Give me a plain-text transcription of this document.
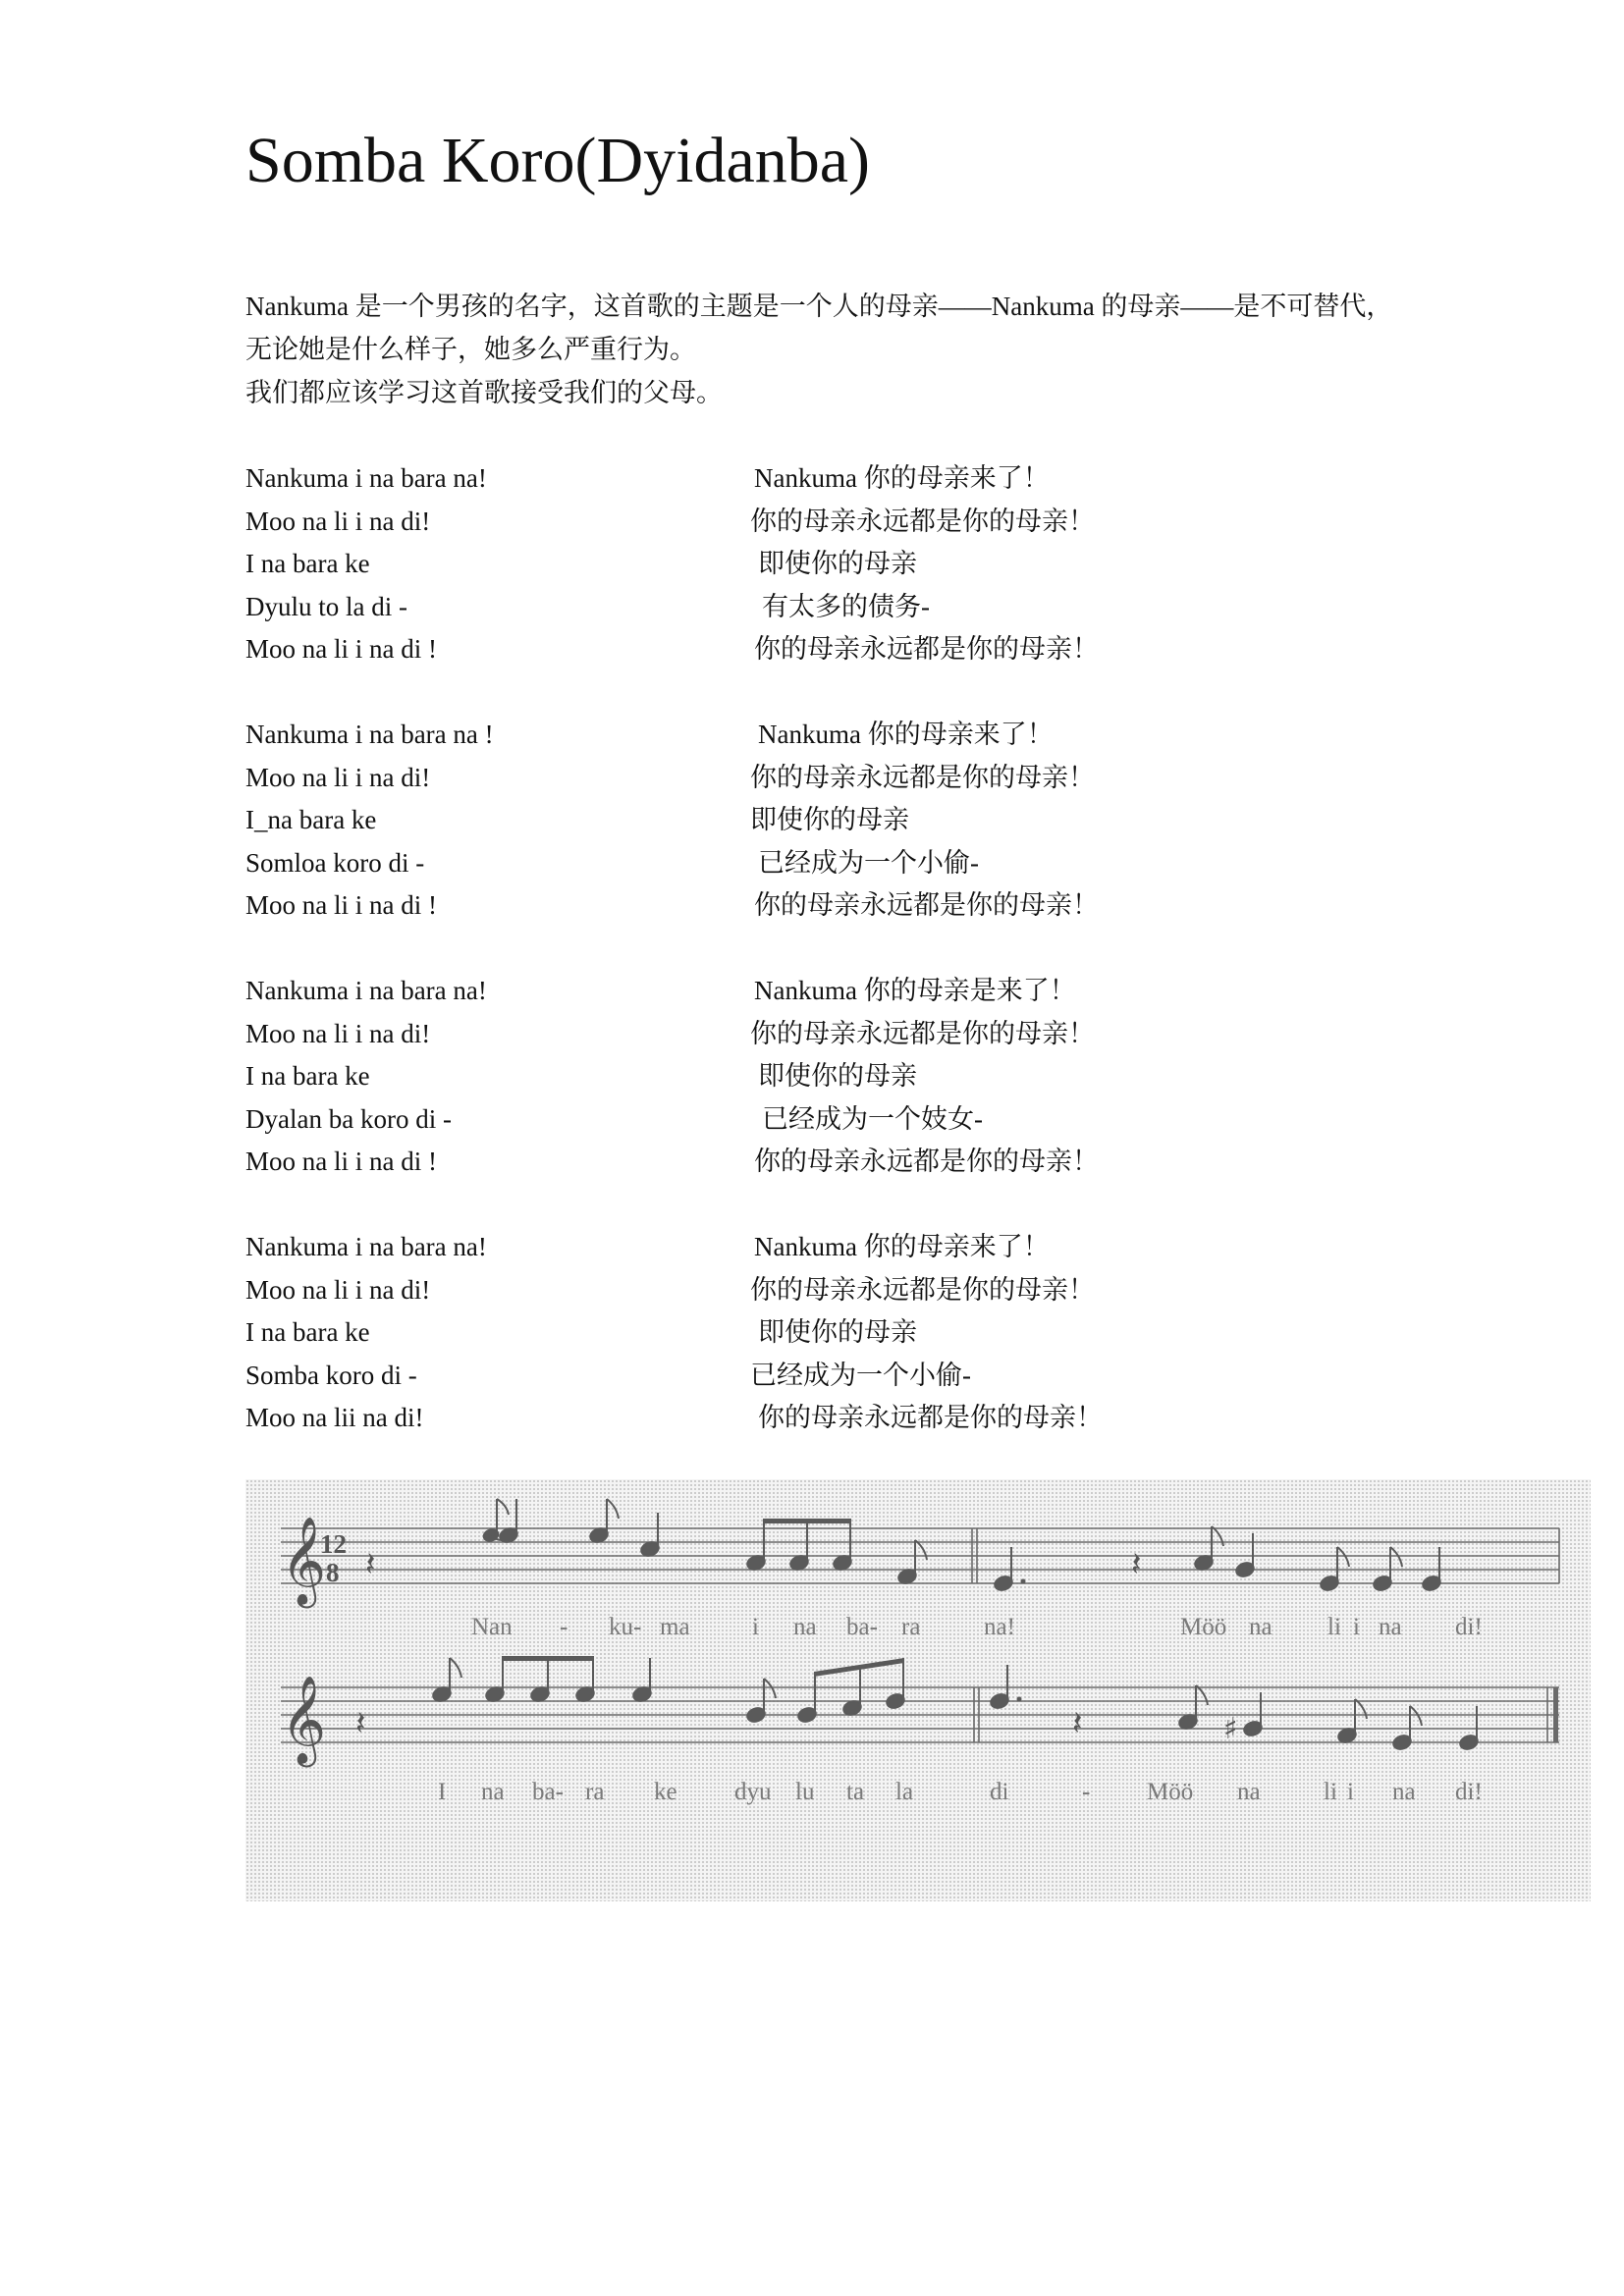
Somba Koro(Dyidanba)

Nankuma 是一个男孩的名字，这首歌的主题是一个人的母亲——Nankuma 的母亲——是不可替代，

无论她是什么样子，她多么严重行为。

我们都应该学习这首歌接受我们的父母。

Nankuma i na bara na!	Nankuma 你的母亲来了！
Moo na li i na di!	你的母亲永远都是你的母亲！
I na bara ke	即使你的母亲
Dyulu to la di -	有太多的债务-
Moo na li i na di !	你的母亲永远都是你的母亲！
Nankuma i na bara na !	Nankuma 你的母亲来了！
Moo na li i na di!	你的母亲永远都是你的母亲！
I_na bara ke	即使你的母亲
Somloa koro di -	已经成为一个小偷-
Moo na li i na di !	你的母亲永远都是你的母亲！
Nankuma i na bara na!	Nankuma 你的母亲是来了！
Moo na li i na di!	你的母亲永远都是你的母亲！
I na bara ke	即使你的母亲
Dyalan ba koro di -	已经成为一个妓女-
Moo na li i na di !	你的母亲永远都是你的母亲！
Nankuma i na bara na!	Nankuma 你的母亲来了！
Moo na li i na di!	你的母亲永远都是你的母亲！
I na bara ke	即使你的母亲
Somba koro di -	已经成为一个小偷-
Moo na lii na di!	你的母亲永远都是你的母亲！
𝄞
12
8 𝄽	𝄽
Nan - ku- ma	i na ba- ra	na!	Möö na li i na di!
𝄞 𝄽	𝄽	♯
I na ba- ra ke dyu lu ta la	di	- Möö na	li i na di!
